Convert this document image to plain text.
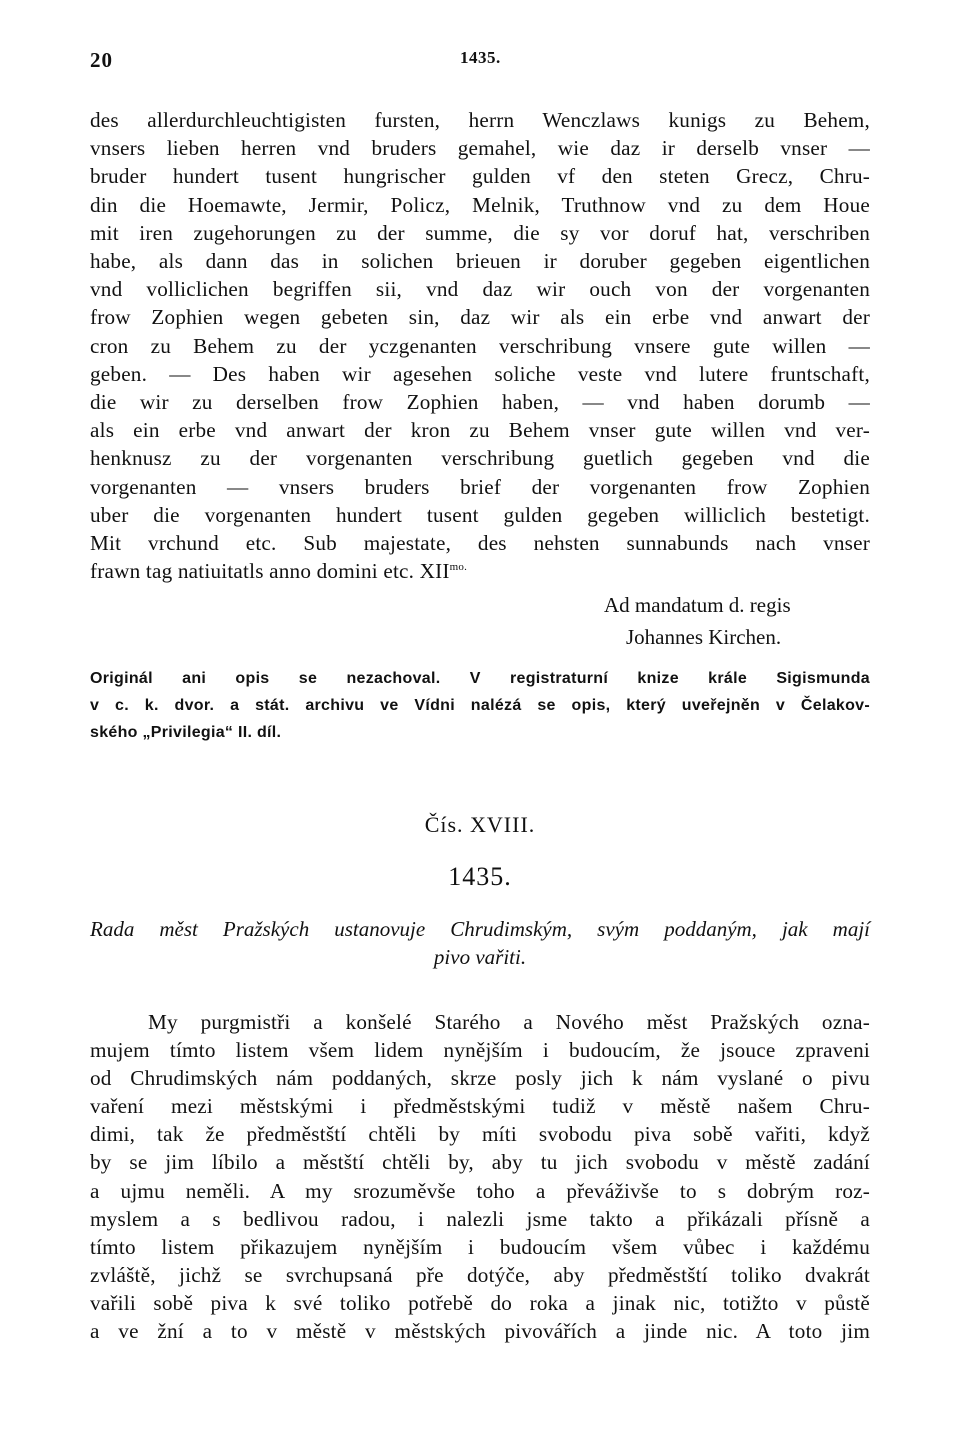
20	1435.
des allerdurchleuchtigisten fursten, herrn Wenczlaws kunigs zu Behem,
vnsers lieben herren vnd bruders gemahel, wie daz ir derselb vnser —
bruder hundert tusent hungrischer gulden vf den steten Grecz, Chru-
din die Hoemawte, Jermir, Policz, Melnik, Truthnow vnd zu dem Houe
mit iren zugehorungen zu der summe, die sy vor doruf hat, verschriben
habe, als dann das in solichen brieuen ir doruber gegeben eigentlichen
vnd volliclichen begriffen sii, vnd daz wir ouch von der vorgenanten
frow Zophien wegen gebeten sin, daz wir als ein erbe vnd anwart der
cron zu Behem zu der yczgenanten verschribung vnsere gute willen —
geben. — Des haben wir agesehen soliche veste vnd lutere fruntschaft,
die wir zu derselben frow Zophien haben, — vnd haben dorumb —
als ein erbe vnd anwart der kron zu Behem vnser gute willen vnd ver-
henknusz zu der vorgenanten verschribung guetlich gegeben vnd die
vorgenanten — vnsers bruders brief der vorgenanten frow Zophien
uber die vorgenanten hundert tusent gulden gegeben williclich bestetigt.
Mit vrchund etc. Sub majestate, des nehsten sunnabunds nach vnser
frawn tag natiuitatls anno domini etc. $XII^{mo.}$
Ad mandatum d. regis
Johannes Kirchen.
Originál ani opis se nezachoval. V registraturní knize krále Sigismunda
v c. k. dvor. a stát. archivu ve Vídni nalézá se opis, který uveřejněn v Čelakov-
ského „Privilegia“ II. díl.
Čís. XVIII.
1435.
Rada měst Pražských ustanovuje Chrudimským, svým poddaným, jak mají
pivo vařiti.
My purgmistři a konšelé Starého a Nového měst Pražských ozna-
mujem tímto listem všem lidem nynějším i budoucím, že jsouce zpraveni
od Chrudimských nám poddaných, skrze posly jich k nám vyslané o pivu
vaření mezi městskými i předměstskými tudiž v městě našem Chru-
dimi, tak že předměstští chtěli by míti svobodu piva sobě vařiti, když
by se jim líbilo a městští chtěli by, aby tu jich svobodu v městě zadání
a ujmu neměli. A my srozuměvše toho a převáživše to s dobrým roz-
myslem a s bedlivou radou, i nalezli jsme takto a přikázali přísně a
tímto listem přikazujem nynějším i budoucím všem vůbec i každému
zvláště, jichž se svrchupsaná pře dotýče, aby předměstští toliko dvakrát
vařili sobě piva k své toliko potřebě do roka a jinak nic, totižto v půstě
a ve žní a to v městě v městských pivovářích a jinde nic. A toto jim
